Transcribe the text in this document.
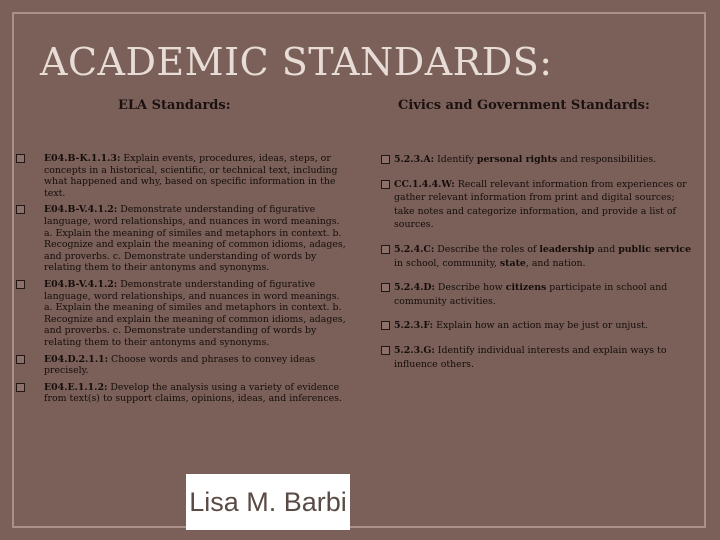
ACADEMIC STANDARDS:
ELA Standards:	Civics and Government Standards:
E04.B-K.1.1.3: Explain events, procedures, ideas, steps, or concepts in a historical, scientific, or technical text, including what happened and why, based on specific information in the text.
E04.B-V.4.1.2: Demonstrate understanding of figurative language, word relationships, and nuances in word meanings. a. Explain the meaning of similes and metaphors in context. b. Recognize and explain the meaning of common idioms, adages, and proverbs. c. Demonstrate understanding of words by relating them to their antonyms and synonyms.
E04.B-V.4.1.2: Demonstrate understanding of figurative language, word relationships, and nuances in word meanings. a. Explain the meaning of similes and metaphors in context. b. Recognize and explain the meaning of common idioms, adages, and proverbs. c. Demonstrate understanding of words by relating them to their antonyms and synonyms.
E04.D.2.1.1: Choose words and phrases to convey ideas precisely.
E04.E.1.1.2: Develop the analysis using a variety of evidence from text(s) to support claims, opinions, ideas, and inferences.
5.2.3.A: Identify personal rights and responsibilities.
CC.1.4.4.W: Recall relevant information from experiences or gather relevant information from print and digital sources; take notes and categorize information, and provide a list of sources.
5.2.4.C: Describe the roles of leadership and public service in school, community, state, and nation.
5.2.4.D: Describe how citizens participate in school and community activities.
5.2.3.F: Explain how an action may be just or unjust.
5.2.3.G: Identify individual interests and explain ways to influence others.
Lisa M. Barbi
